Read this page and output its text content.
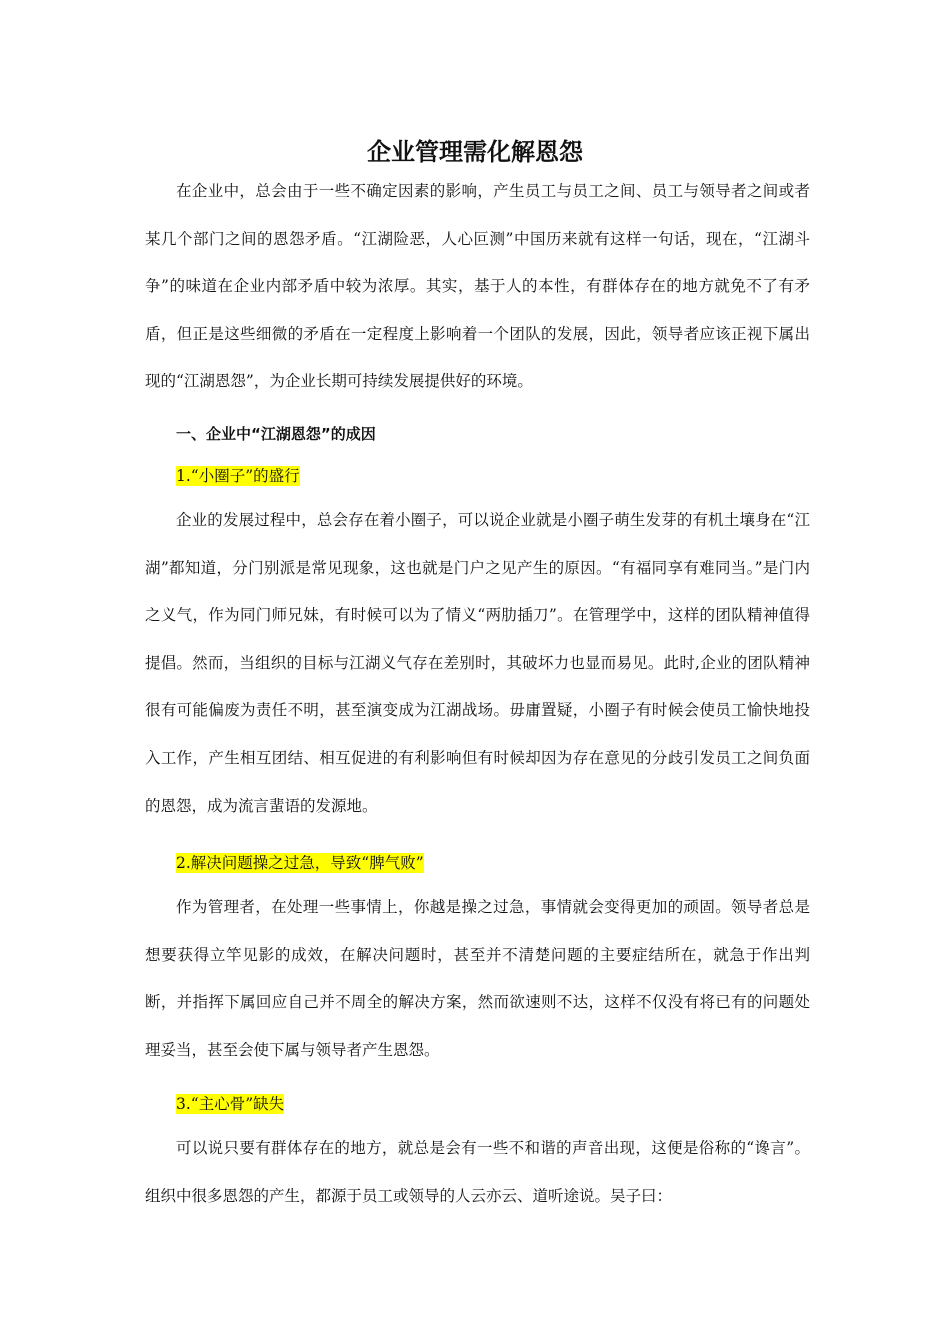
企业管理需化解恩怨

在企业中，总会由于一些不确定因素的影响，产生员工与员工之间、员工与领导者之间或者某几个部门之间的恩怨矛盾。“江湖险恶，人心叵测”中国历来就有这样一句话，现在，“江湖斗争”的味道在企业内部矛盾中较为浓厚。其实，基于人的本性，有群体存在的地方就免不了有矛盾，但正是这些细微的矛盾在一定程度上影响着一个团队的发展，因此，领导者应该正视下属出现的“江湖恩怨”，为企业长期可持续发展提供好的环境。

一、企业中“江湖恩怨”的成因
1.“小圈子”的盛行

企业的发展过程中，总会存在着小圈子，可以说企业就是小圈子萌生发芽的有机土壤身在“江湖”都知道，分门别派是常见现象，这也就是门户之见产生的原因。“有福同享有难同当。”是门内之义气，作为同门师兄妹，有时候可以为了情义“两肋插刀”。在管理学中，这样的团队精神值得提倡。然而，当组织的目标与江湖义气存在差别时，其破坏力也显而易见。此时,企业的团队精神很有可能偏废为责任不明，甚至演变成为江湖战场。毋庸置疑，小圈子有时候会使员工愉快地投入工作，产生相互团结、相互促进的有利影响但有时候却因为存在意见的分歧引发员工之间负面的恩怨，成为流言蜚语的发源地。

2.解决问题操之过急，导致“脾气败”

作为管理者，在处理一些事情上，你越是操之过急，事情就会变得更加的顽固。领导者总是想要获得立竿见影的成效，在解决问题时，甚至并不清楚问题的主要症结所在，就急于作出判断，并指挥下属回应自己并不周全的解决方案，然而欲速则不达，这样不仅没有将已有的问题处理妥当，甚至会使下属与领导者产生恩怨。

3.“主心骨”缺失

可以说只要有群体存在的地方，就总是会有一些不和谐的声音出现，这便是俗称的“谗言”。组织中很多恩怨的产生，都源于员工或领导的人云亦云、道听途说。吴子曰：
